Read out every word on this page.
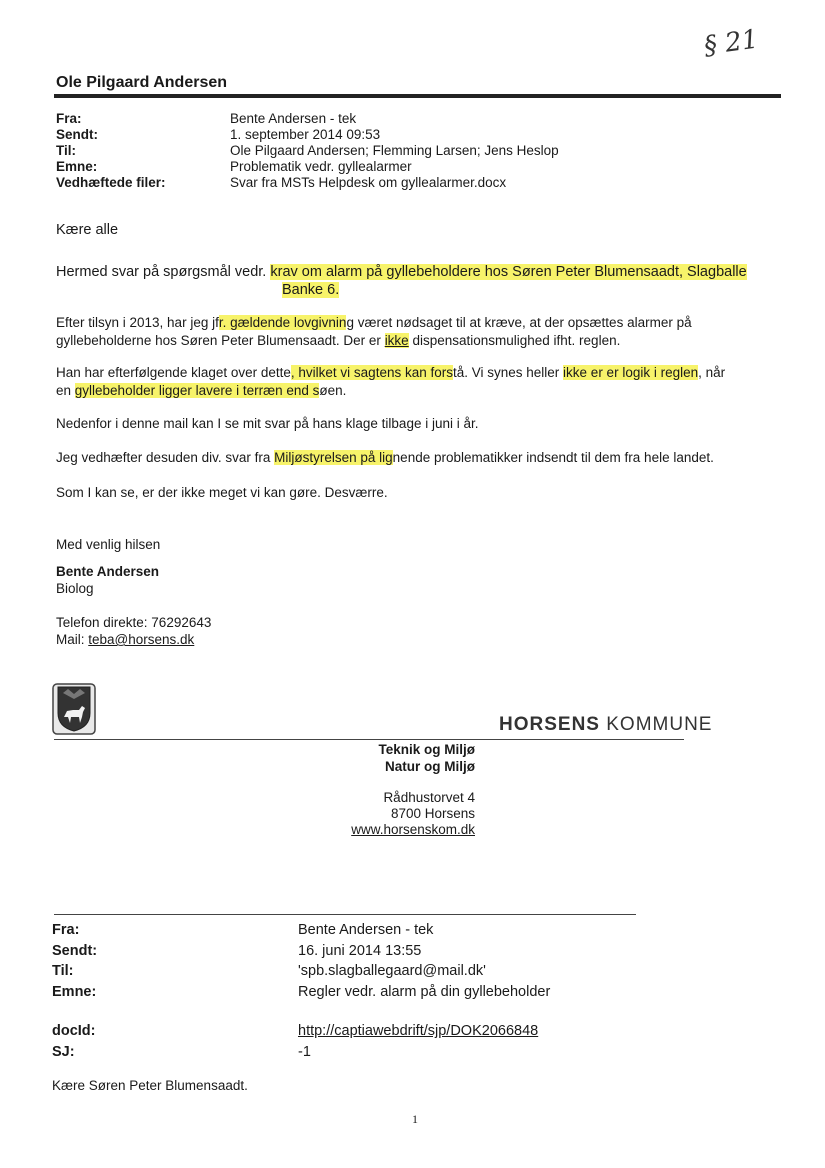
§ 21
Ole Pilgaard Andersen
Fra:	Bente Andersen - tek
Sendt:	1. september 2014 09:53
Til:	Ole Pilgaard Andersen; Flemming Larsen; Jens Heslop
Emne:	Problematik vedr. gyllealarmer
Vedhæftede filer:	Svar fra MSTs Helpdesk om gyllealarmer.docx
Kære alle
Hermed svar på spørgsmål vedr. krav om alarm på gyllebeholdere hos Søren Peter Blumensaadt, Slagballe
Banke 6.
Efter tilsyn i 2013, har jeg jfr. gældende lovgivning været nødsaget til at kræve, at der opsættes alarmer på
gyllebeholderne hos Søren Peter Blumensaadt. Der er ikke dispensationsmulighed ifht. reglen.
Han har efterfølgende klaget over dette, hvilket vi sagtens kan forstå. Vi synes heller ikke er er logik i reglen, når
en gyllebeholder ligger lavere i terræn end søen.
Nedenfor i denne mail kan I se mit svar på hans klage tilbage i juni i år.
Jeg vedhæfter desuden div. svar fra Miljøstyrelsen på lignende problematikker indsendt til dem fra hele landet.
Som I kan se, er der ikke meget vi kan gøre. Desværre.
Med venlig hilsen
Bente Andersen
Biolog
Telefon direkte: 76292643
Mail: teba@horsens.dk
HORSENS KOMMUNE
Teknik og Miljø
Natur og Miljø
Rådhustorvet 4
8700 Horsens
www.horsenskom.dk
Fra:	Bente Andersen - tek
Sendt:	16. juni 2014 13:55
Til:	'spb.slagballegaard@mail.dk'
Emne:	Regler vedr. alarm på din gyllebeholder
docId:	http://captiawebdrift/sjp/DOK2066848
SJ:	-1
Kære Søren Peter Blumensaadt.
1
